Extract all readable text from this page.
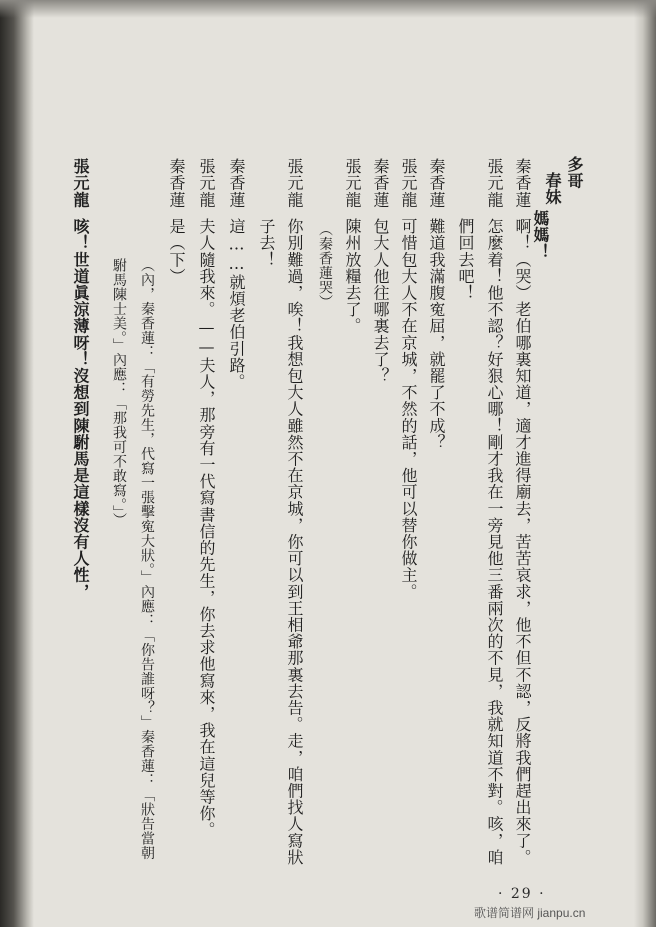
多哥
春妹
媽媽！
秦香蓮
啊！（哭）老伯哪裏知道，適才進得廟去，苦苦哀求，他不但不認，反將我們趕出來了。
張元龍
怎麼着！他不認？好狠心哪！剛才我在一旁見他三番兩次的不見，我就知道不對。咳，咱
們回去吧！
秦香蓮
難道我滿腹寃屈，就罷了不成？
張元龍
可惜包大人不在京城，不然的話，他可以替你做主。
秦香蓮
包大人他往哪裏去了？
張元龍
陳州放糧去了。
（秦香蓮哭）
張元龍
你別難過，唉！我想包大人雖然不在京城，你可以到王相爺那裏去告。走，咱們找人寫狀
子去！
秦香蓮
這……就煩老伯引路。
張元龍
夫人隨我來。——夫人，那旁有一代寫書信的先生，你去求他寫來，我在這兒等你。
秦香蓮
是（下）
（內，秦香蓮：「有勞先生，代寫一張擊寃大狀。」內應：「你告誰呀？」秦香蓮：「狀告當朝
駙馬陳士美。」內應：「那我可不敢寫。」）
張元龍
咳！世道眞涼薄呀！沒想到陳駙馬是這樣沒有人性，
· 29 ·
歌谱简谱网 jianpu.cn
